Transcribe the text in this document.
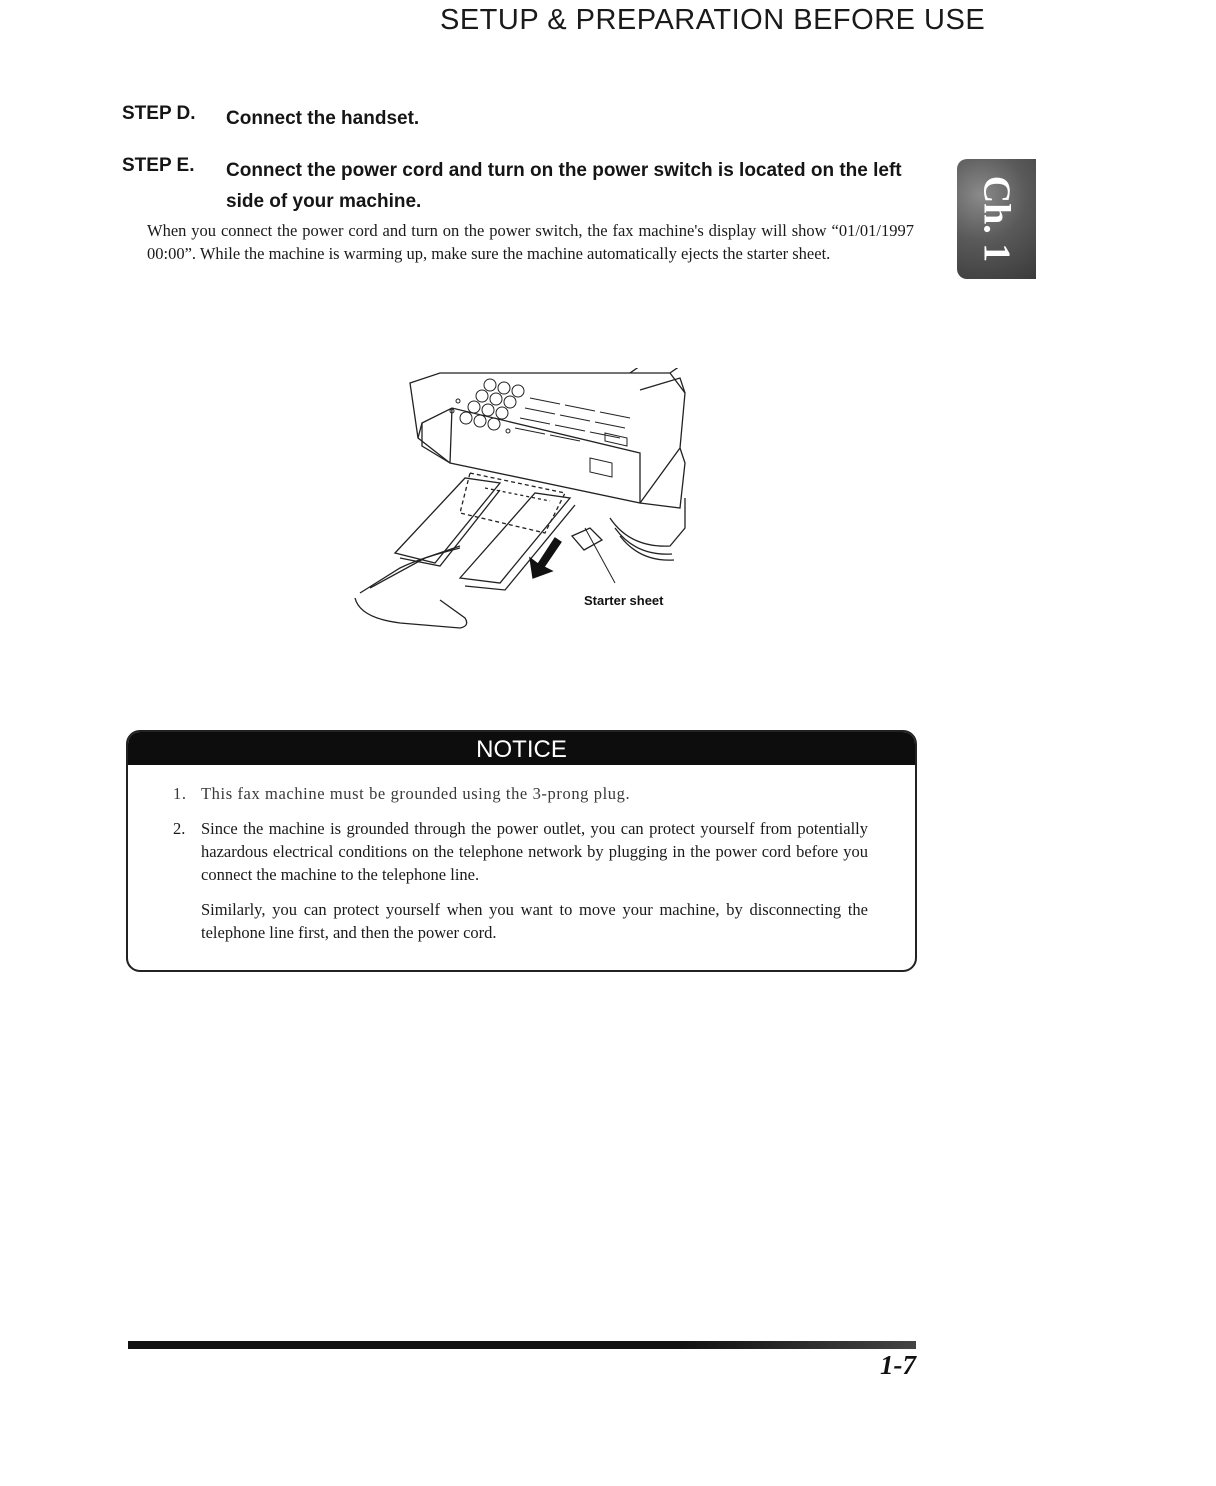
SETUP & PREPARATION BEFORE USE
Ch. 1
STEP D. Connect the handset.
STEP E. Connect the power cord and turn on the power switch is located on the left side of your machine.

When you connect the power cord and turn on the power switch, the fax machine's display will show “01/01/1997 00:00”. While the machine is warming up, make sure the machine automatically ejects the starter sheet.

Starter sheet
NOTICE
1. This fax machine must be grounded using the 3-prong plug.
2. Since the machine is grounded through the power outlet, you can protect yourself from potentially hazardous electrical conditions on the telephone network by plugging in the power cord before you connect the machine to the telephone line.
Similarly, you can protect yourself when you want to move your machine, by disconnecting the telephone line first, and then the power cord.
1-7
